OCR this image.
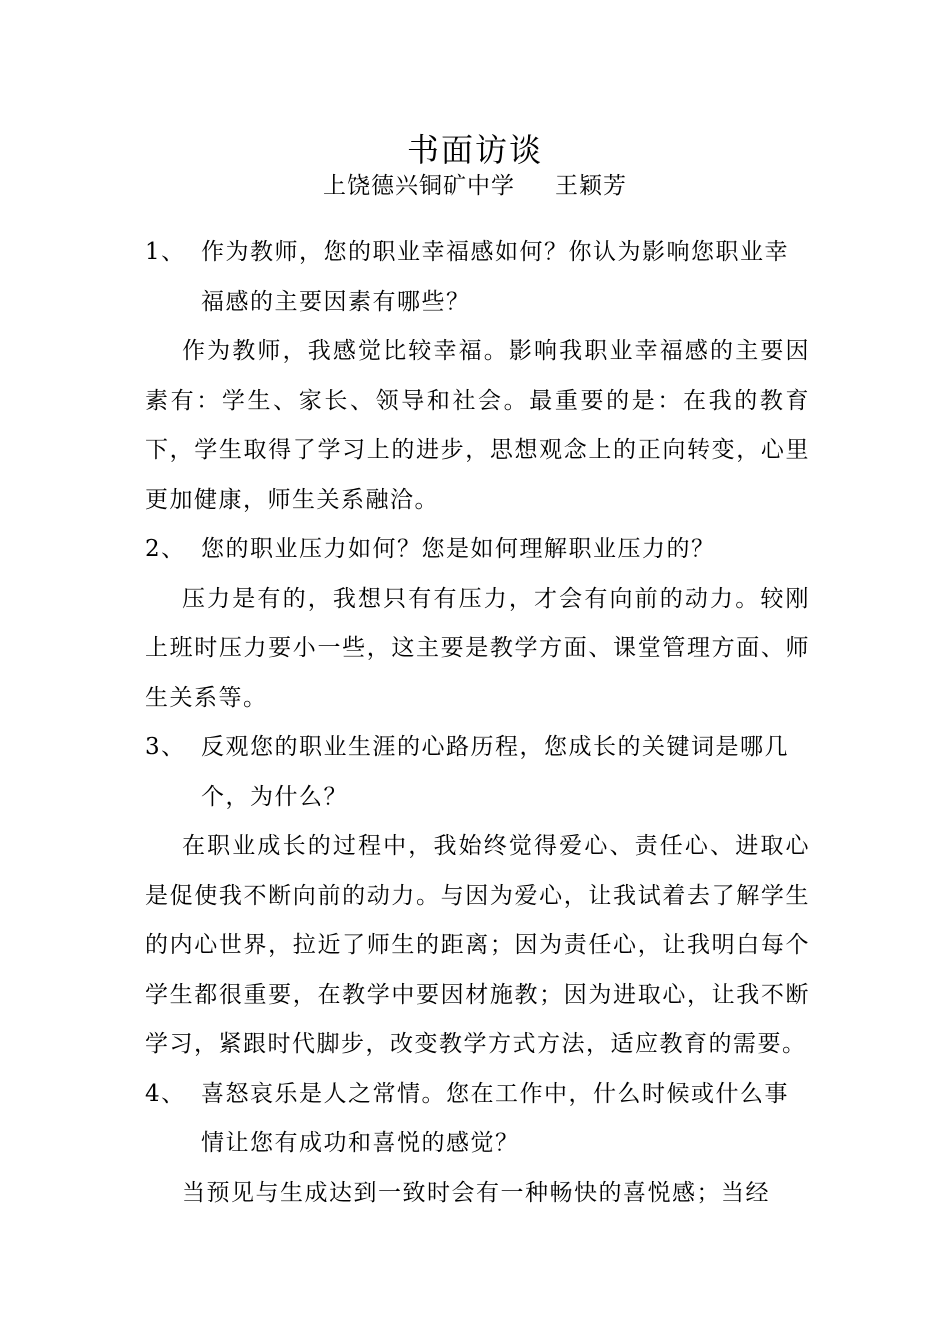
书面访谈
上饶德兴铜矿中学 王颖芳
1、 作为教师，您的职业幸福感如何？你认为影响您职业幸福感的主要因素有哪些？

作为教师，我感觉比较幸福。影响我职业幸福感的主要因素有：学生、家长、领导和社会。最重要的是：在我的教育下，学生取得了学习上的进步，思想观念上的正向转变，心里更加健康，师生关系融洽。

2、 您的职业压力如何？您是如何理解职业压力的？

压力是有的，我想只有有压力，才会有向前的动力。较刚上班时压力要小一些，这主要是教学方面、课堂管理方面、师生关系等。

3、 反观您的职业生涯的心路历程，您成长的关键词是哪几个，为什么？

在职业成长的过程中，我始终觉得爱心、责任心、进取心是促使我不断向前的动力。与因为爱心，让我试着去了解学生的内心世界，拉近了师生的距离；因为责任心，让我明白每个学生都很重要，在教学中要因材施教；因为进取心，让我不断学习，紧跟时代脚步，改变教学方式方法，适应教育的需要。

4、 喜怒哀乐是人之常情。您在工作中，什么时候或什么事情让您有成功和喜悦的感觉？

当预见与生成达到一致时会有一种畅快的喜悦感；当经
